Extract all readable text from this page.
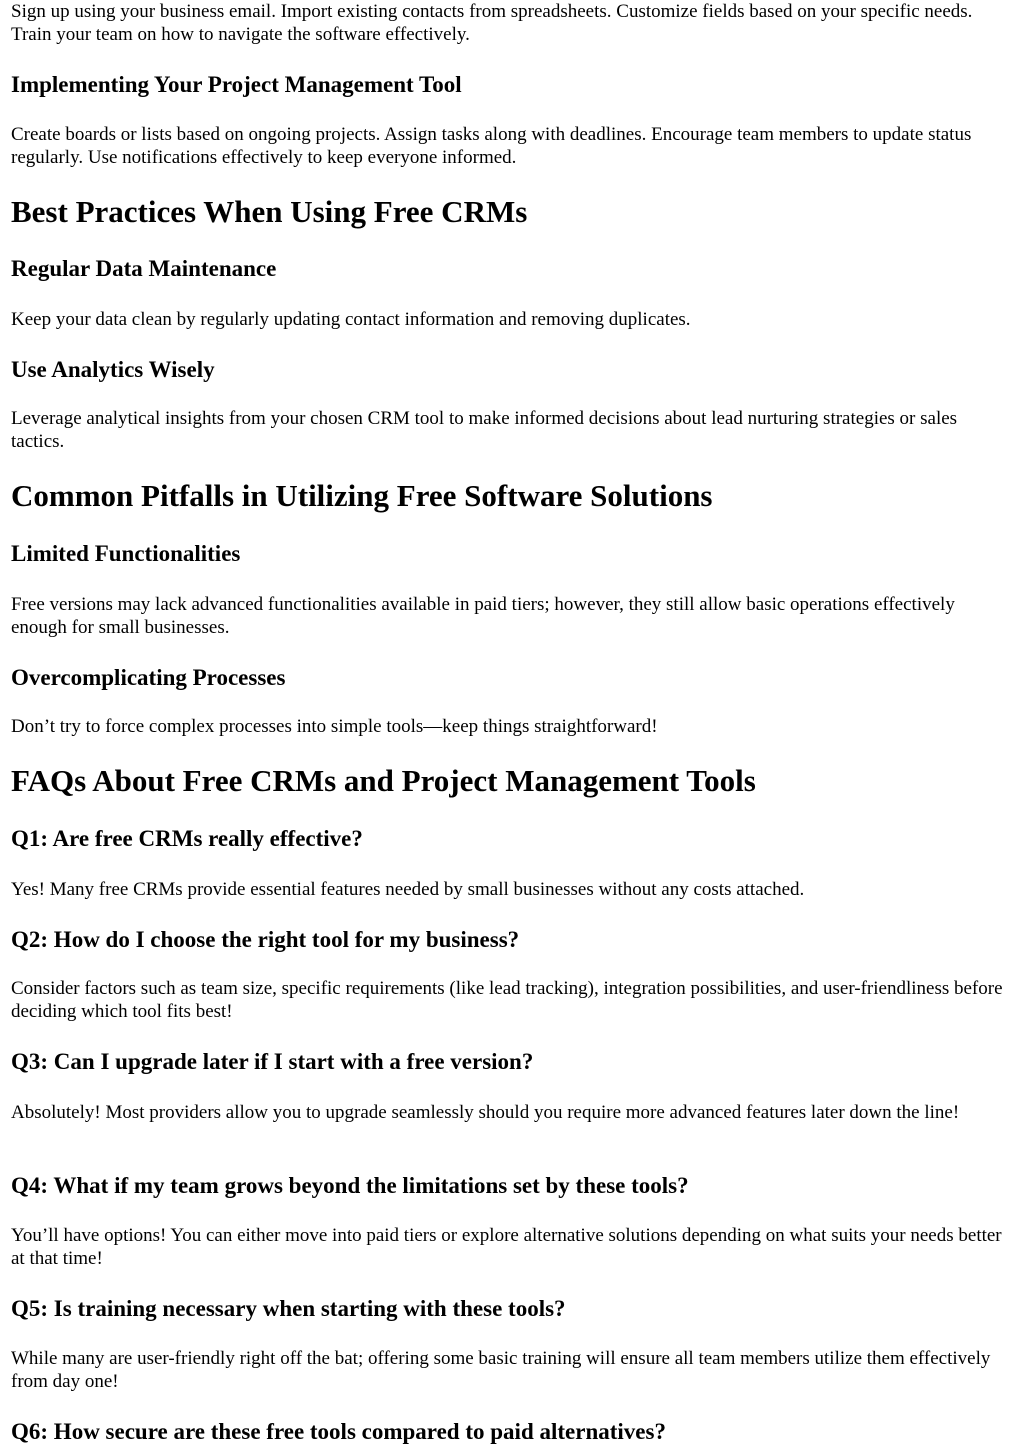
Sign up using your business email. Import existing contacts from spreadsheets. Customize fields based on your specific needs. Train your team on how to navigate the software effectively.

Implementing Your Project Management Tool

Create boards or lists based on ongoing projects. Assign tasks along with deadlines. Encourage team members to update status regularly. Use notifications effectively to keep everyone informed.

Best Practices When Using Free CRMs
Regular Data Maintenance

Keep your data clean by regularly updating contact information and removing duplicates.

Use Analytics Wisely

Leverage analytical insights from your chosen CRM tool to make informed decisions about lead nurturing strategies or sales tactics.

Common Pitfalls in Utilizing Free Software Solutions
Limited Functionalities

Free versions may lack advanced functionalities available in paid tiers; however, they still allow basic operations effectively enough for small businesses.

Overcomplicating Processes

Don’t try to force complex processes into simple tools—keep things straightforward!

FAQs About Free CRMs and Project Management Tools
Q1: Are free CRMs really effective?

Yes! Many free CRMs provide essential features needed by small businesses without any costs attached.

Q2: How do I choose the right tool for my business?

Consider factors such as team size, specific requirements (like lead tracking), integration possibilities, and user-friendliness before deciding which tool fits best!

Q3: Can I upgrade later if I start with a free version?

Absolutely! Most providers allow you to upgrade seamlessly should you require more advanced features later down the line!

Q4: What if my team grows beyond the limitations set by these tools?

You’ll have options! You can either move into paid tiers or explore alternative solutions depending on what suits your needs better at that time!

Q5: Is training necessary when starting with these tools?

While many are user-friendly right off the bat; offering some basic training will ensure all team members utilize them effectively from day one!

Q6: How secure are these free tools compared to paid alternatives?
